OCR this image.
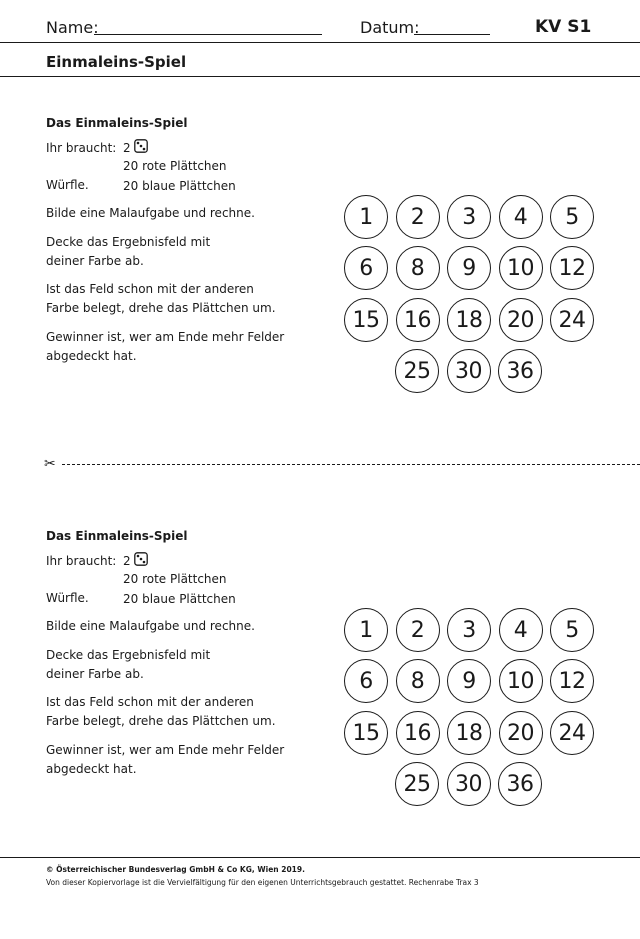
Name:	Datum:	KV S1
Einmaleins-Spiel
Das Einmaleins-Spiel
Ihr braucht: 2
20 rote Plättchen
20 blaue Plättchen
Würfle.
Bilde eine Malaufgabe und rechne.
Decke das Ergebnisfeld mit
deiner Farbe ab.
Ist das Feld schon mit der anderen
Farbe belegt, drehe das Plättchen um.
Gewinner ist, wer am Ende mehr Felder
abgedeckt hat.
1	2	3	4	5
6	8	9	10	12
15	16	18	20	24
25	30	36
Das Einmaleins-Spiel
Ihr braucht: 2
20 rote Plättchen
20 blaue Plättchen
Würfle.
Bilde eine Malaufgabe und rechne.
Decke das Ergebnisfeld mit
deiner Farbe ab.
Ist das Feld schon mit der anderen
Farbe belegt, drehe das Plättchen um.
Gewinner ist, wer am Ende mehr Felder
abgedeckt hat.
1	2	3	4	5
6	8	9	10	12
15	16	18	20	24
25	30	36
✂
© Österreichischer Bundesverlag GmbH & Co KG, Wien 2019.
Von dieser Kopiervorlage ist die Vervielfältigung für den eigenen Unterrichtsgebrauch gestattet. Rechenrabe Trax 3
